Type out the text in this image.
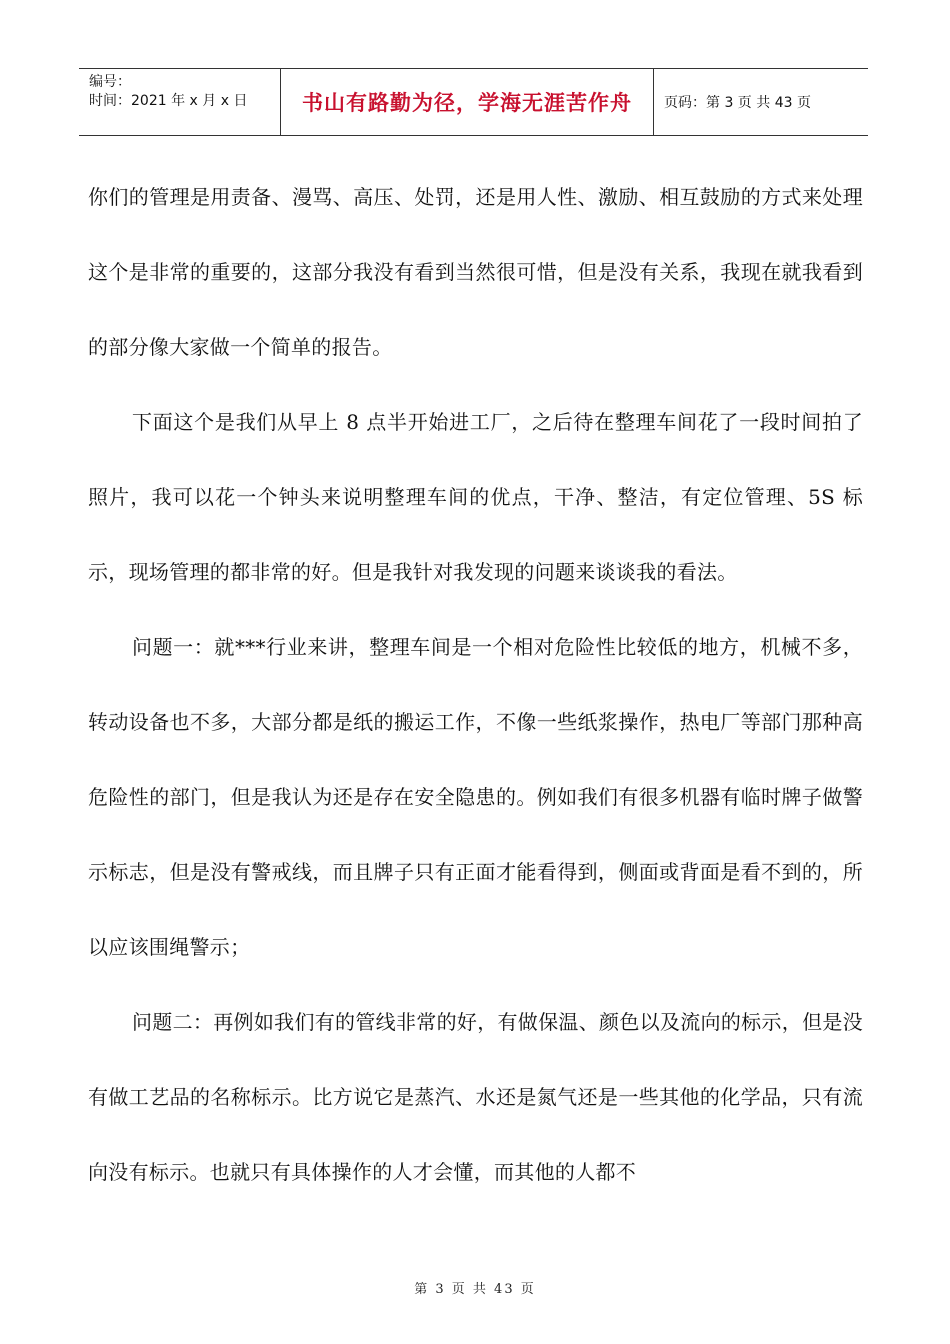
编号：
时间：2021 年 x 月 x 日	书山有路勤为径，学海无涯苦作舟	页码：第 3 页 共 43 页

你们的管理是用责备、漫骂、高压、处罚，还是用人性、激励、相互鼓励的方式来处理这个是非常的重要的，这部分我没有看到当然很可惜，但是没有关系，我现在就我看到的部分像大家做一个简单的报告。

下面这个是我们从早上 8 点半开始进工厂，之后待在整理车间花了一段时间拍了照片，我可以花一个钟头来说明整理车间的优点，干净、整洁，有定位管理、5S 标示，现场管理的都非常的好。但是我针对我发现的问题来谈谈我的看法。

问题一：就***行业来讲，整理车间是一个相对危险性比较低的地方，机械不多，转动设备也不多，大部分都是纸的搬运工作，不像一些纸浆操作，热电厂等部门那种高危险性的部门，但是我认为还是存在安全隐患的。例如我们有很多机器有临时牌子做警示标志，但是没有警戒线，而且牌子只有正面才能看得到，侧面或背面是看不到的，所以应该围绳警示；

问题二：再例如我们有的管线非常的好，有做保温、颜色以及流向的标示，但是没有做工艺品的名称标示。比方说它是蒸汽、水还是氮气还是一些其他的化学品，只有流向没有标示。也就只有具体操作的人才会懂，而其他的人都不

第 3 页 共 43 页
